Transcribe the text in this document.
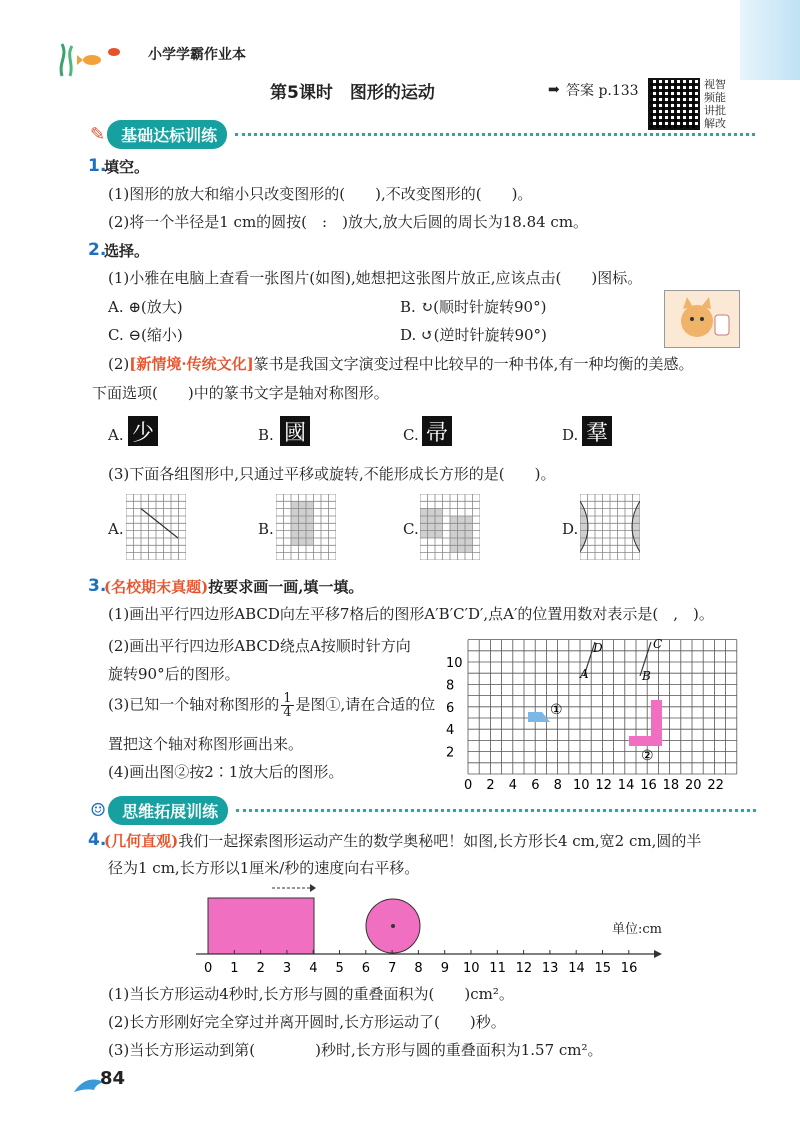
小学学霸作业本
第5课时　图形的运动	➡ 答案 p.133	视智
频能
讲批
解改
✎	基础达标训练
1.
填空。
(1)图形的放大和缩小只改变图形的(　　),不改变图形的(　　)。
(2)将一个半径是1 cm的圆按(　:　)放大,放大后圆的周长为18.84 cm。
2.
选择。
(1)小雅在电脑上查看一张图片(如图),她想把这张图片放正,应该点击(　　)图标。
A. ⊕(放大)	B. ↻(顺时针旋转90°)
C. ⊖(缩小)	D. ↺(逆时针旋转90°)
(2)[新情境·传统文化]篆书是我国文字演变过程中比较早的一种书体,有一种均衡的美感。
下面选项(　　)中的篆书文字是轴对称图形。
A. 少	B. 國	C. 帚	D. 羣
(3)下面各组图形中,只通过平移或旋转,不能形成长方形的是(　　)。
A.	B.	C.	D.
3.
(名校期末真题)按要求画一画,填一填。
(1)画出平行四边形ABCD向左平移7格后的图形A′B′C′D′,点A′的位置用数对表示是(　,　)。
(2)画出平行四边形ABCD绕点A按顺时针方向
旋转90°后的图形。
(3)已知一个轴对称图形的 $\frac{1}{4}$ 是图①,请在合适的位
置把这个轴对称图形画出来。
(4)画出图②按2∶1放大后的图形。
D	C
A	B
①
②
10
8
6
4
2
0 2 4 6 8 10 12 14 16 18 20 22
☺	思维拓展训练
4.
(几何直观)我们一起探索图形运动产生的数学奥秘吧！如图,长方形长4 cm,宽2 cm,圆的半
径为1 cm,长方形以1厘米/秒的速度向右平移。
0 1 2 3 4 5 6 7 8 9 10 11 12 13 14 15 16
单位:cm
(1)当长方形运动4秒时,长方形与圆的重叠面积为(　　)cm²。
(2)长方形刚好完全穿过并离开圆时,长方形运动了(　　)秒。
(3)当长方形运动到第(　　　　)秒时,长方形与圆的重叠面积为1.57 cm²。
84
